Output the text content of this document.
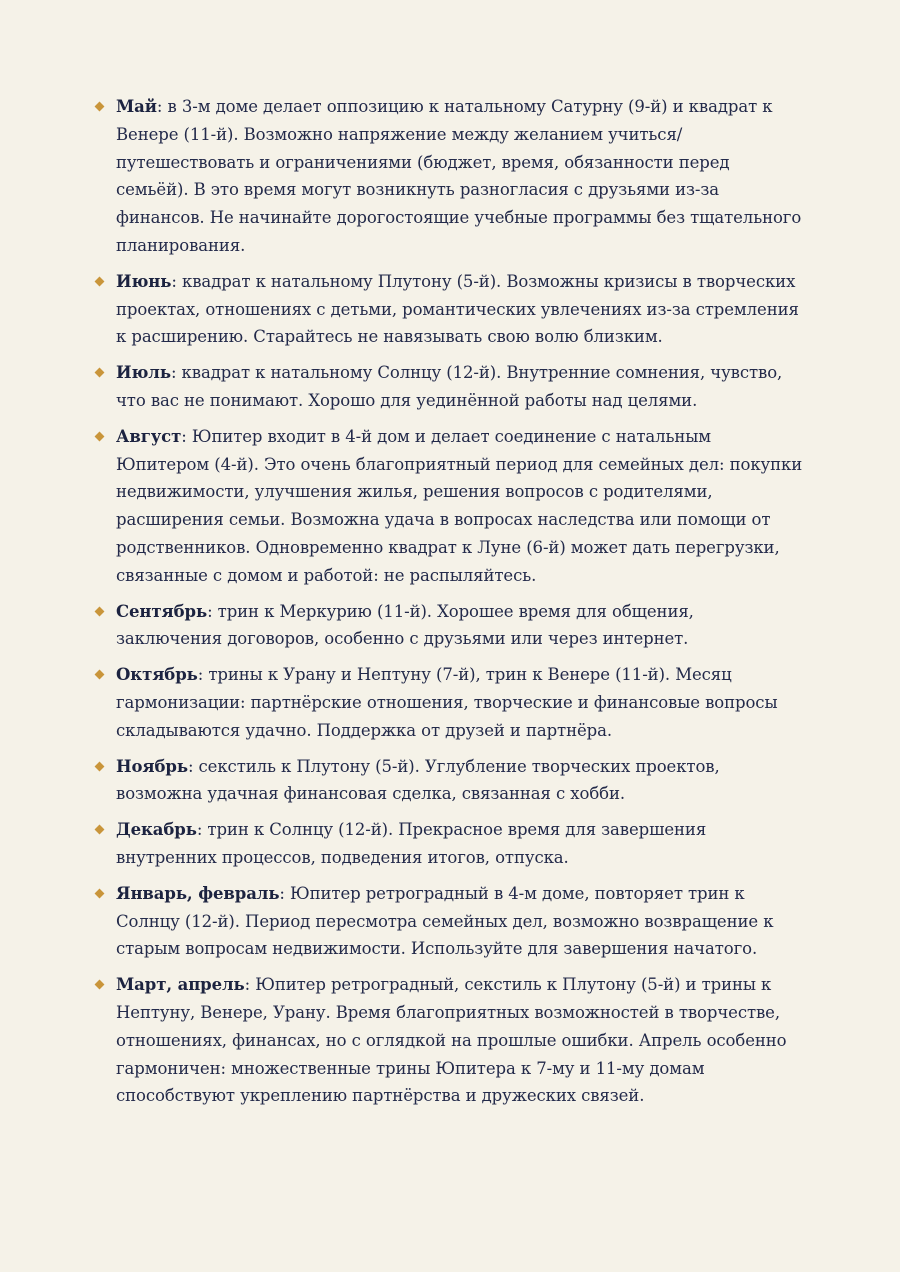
Май: в 3-м доме делает оппозицию к натальному Сатурну (9-й) и квадрат к Венере (11-й). Возможно напряжение между желанием учиться/путешествовать и ограничениями (бюджет, время, обязанности перед семьёй). В это время могут возникнуть разногласия с друзьями из-за финансов. Не начинайте дорогостоящие учебные программы без тщательного планирования.
Июнь: квадрат к натальному Плутону (5-й). Возможны кризисы в творческих проектах, отношениях с детьми, романтических увлечениях из-за стремления к расширению. Старайтесь не навязывать свою волю близким.
Июль: квадрат к натальному Солнцу (12-й). Внутренние сомнения, чувство, что вас не понимают. Хорошо для уединённой работы над целями.
Август: Юпитер входит в 4-й дом и делает соединение с натальным Юпитером (4-й). Это очень благоприятный период для семейных дел: покупки недвижимости, улучшения жилья, решения вопросов с родителями, расширения семьи. Возможна удача в вопросах наследства или помощи от родственников. Одновременно квадрат к Луне (6-й) может дать перегрузки, связанные с домом и работой: не распыляйтесь.
Сентябрь: трин к Меркурию (11-й). Хорошее время для общения, заключения договоров, особенно с друзьями или через интернет.
Октябрь: трины к Урану и Нептуну (7-й), трин к Венере (11-й). Месяц гармонизации: партнёрские отношения, творческие и финансовые вопросы складываются удачно. Поддержка от друзей и партнёра.
Ноябрь: секстиль к Плутону (5-й). Углубление творческих проектов, возможна удачная финансовая сделка, связанная с хобби.
Декабрь: трин к Солнцу (12-й). Прекрасное время для завершения внутренних процессов, подведения итогов, отпуска.
Январь, февраль: Юпитер ретроградный в 4-м доме, повторяет трин к Солнцу (12-й). Период пересмотра семейных дел, возможно возвращение к старым вопросам недвижимости. Используйте для завершения начатого.
Март, апрель: Юпитер ретроградный, секстиль к Плутону (5-й) и трины к Нептуну, Венере, Урану. Время благоприятных возможностей в творчестве, отношениях, финансах, но с оглядкой на прошлые ошибки. Апрель особенно гармоничен: множественные трины Юпитера к 7-му и 11-му домам способствуют укреплению партнёрства и дружеских связей.
